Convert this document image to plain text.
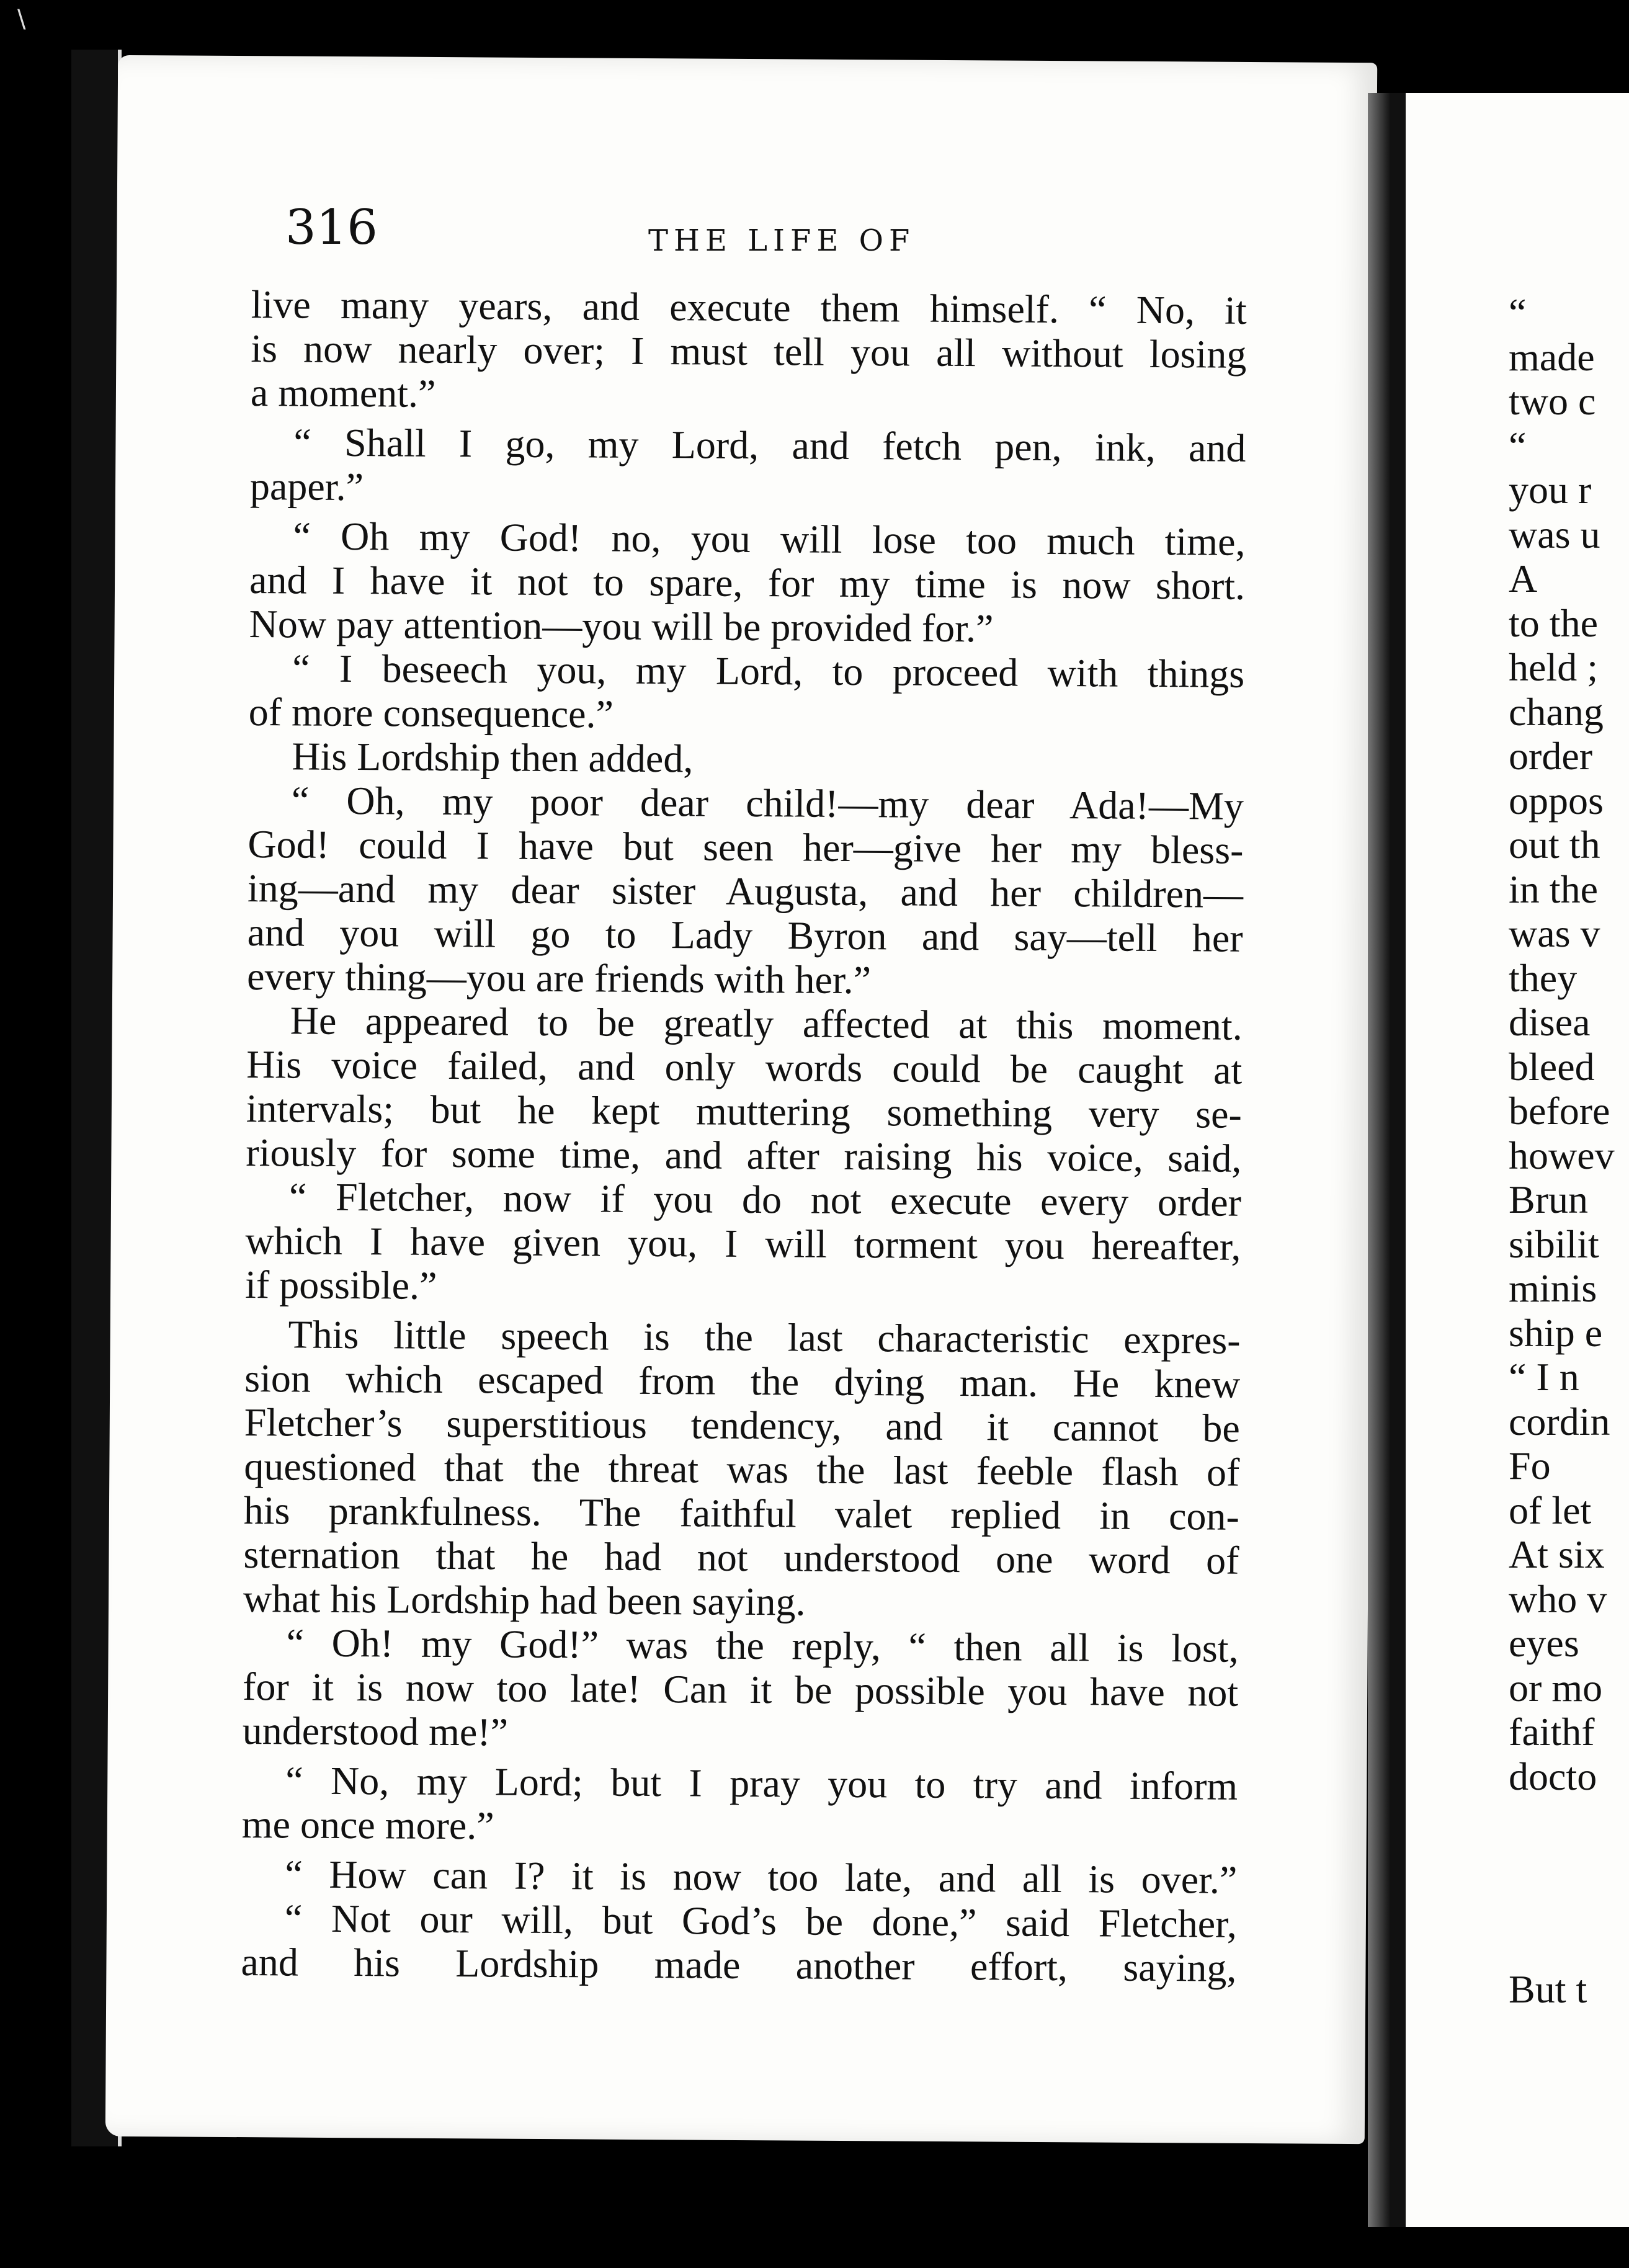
\
316	THE LIFE OF
live many years, and execute them himself. “ No, it
is now nearly over; I must tell you all without losing
a moment.”
“ Shall I go, my Lord, and fetch pen, ink, and
paper.”
“ Oh my God! no, you will lose too much time,
and I have it not to spare, for my time is now short.
Now pay attention—you will be provided for.”
“ I beseech you, my Lord, to proceed with things
of more consequence.”
His Lordship then added,
“ Oh, my poor dear child!—my dear Ada!—My
God! could I have but seen her—give her my bless-
ing—and my dear sister Augusta, and her children—
and you will go to Lady Byron and say—tell her
every thing—you are friends with her.”
He appeared to be greatly affected at this moment.
His voice failed, and only words could be caught at
intervals; but he kept muttering something very se-
riously for some time, and after raising his voice, said,
“ Fletcher, now if you do not execute every order
which I have given you, I will torment you hereafter,
if possible.”
This little speech is the last characteristic expres-
sion which escaped from the dying man. He knew
Fletcher’s superstitious tendency, and it cannot be
questioned that the threat was the last feeble flash of
his prankfulness. The faithful valet replied in con-
sternation that he had not understood one word of
what his Lordship had been saying.
“ Oh! my God!” was the reply, “ then all is lost,
for it is now too late! Can it be possible you have not
understood me!”
“ No, my Lord; but I pray you to try and inform
me once more.”
“ How can I? it is now too late, and all is over.”
“ Not our will, but God’s be done,” said Fletcher,
and his Lordship made another effort, saying,
“
made
two c
“
you r
was u
A
to the
held ;
chang
order
oppos
out th
in the
was v
they
disea
bleed
before
howev
Brun
sibilit
minis
ship e
“ I n
cordin
Fo
of let
At six
who v
eyes
or mo
faithf
docto
But t
